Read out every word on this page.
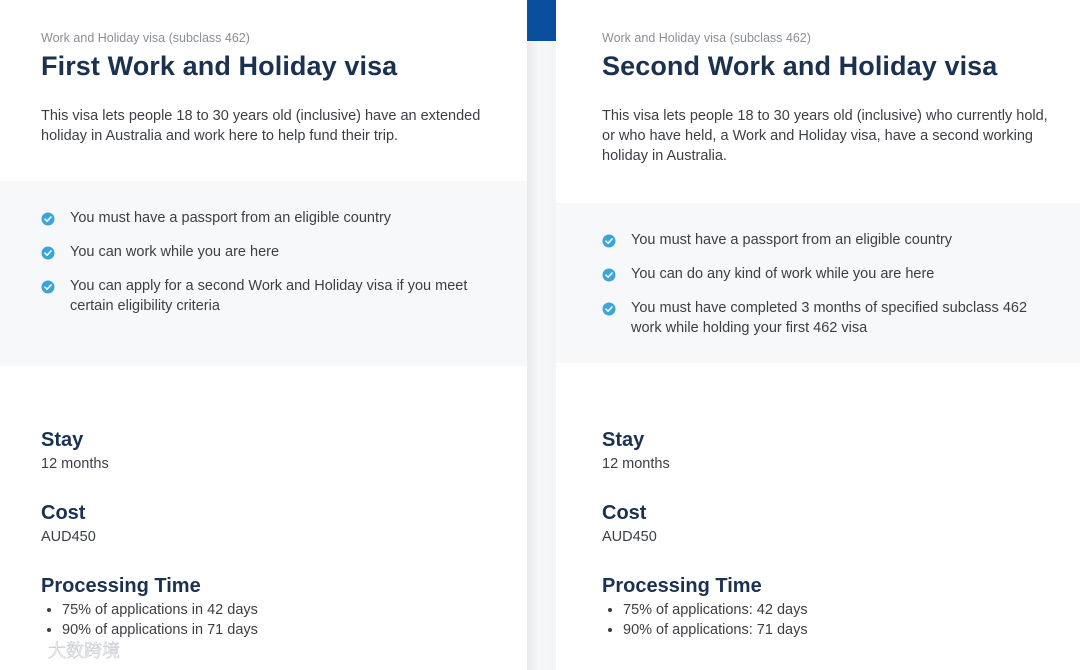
Work and Holiday visa (subclass 462)

First Work and Holiday visa

This visa lets people 18 to 30 years old (inclusive) have an extended holiday in Australia and work here to help fund their trip.

You must have a passport from an eligible country
You can work while you are here
You can apply for a second Work and Holiday visa if you meet certain eligibility criteria
Stay

12 months

Cost

AUD450

Processing Time
• 75% of applications in 42 days
• 90% of applications in 71 days
大数跨境

Work and Holiday visa (subclass 462)

Second Work and Holiday visa

This visa lets people 18 to 30 years old (inclusive) who currently hold, or who have held, a Work and Holiday visa, have a second working holiday in Australia.

You must have a passport from an eligible country
You can do any kind of work while you are here
You must have completed 3 months of specified subclass 462 work while holding your first 462 visa
Stay

12 months

Cost

AUD450

Processing Time
• 75% of applications: 42 days
• 90% of applications: 71 days
